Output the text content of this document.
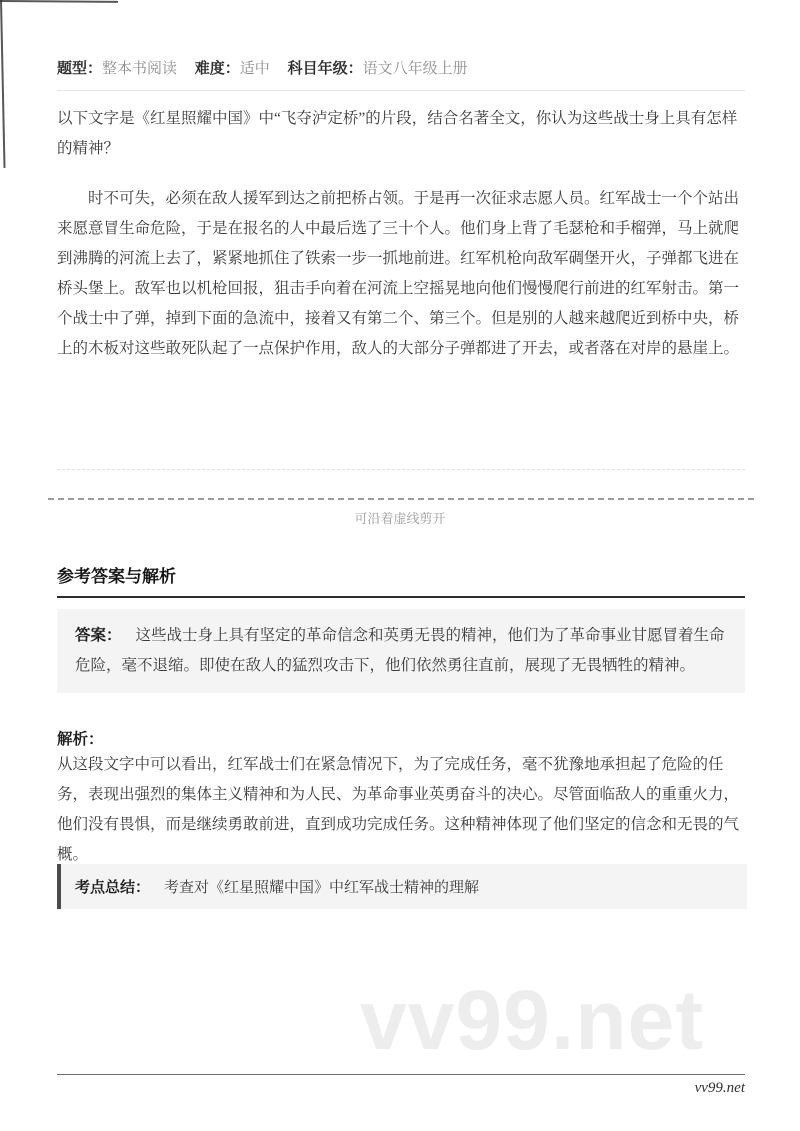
题型：整本书阅读 难度：适中 科目年级：语文八年级上册
以下文字是《红星照耀中国》中“飞夺泸定桥”的片段，结合名著全文，你认为这些战士身上具有怎样的精神？
时不可失，必须在敌人援军到达之前把桥占领。于是再一次征求志愿人员。红军战士一个个站出来愿意冒生命危险，于是在报名的人中最后选了三十个人。他们身上背了毛瑟枪和手榴弹，马上就爬到沸腾的河流上去了，紧紧地抓住了铁索一步一抓地前进。红军机枪向敌军碉堡开火，子弹都飞进在桥头堡上。敌军也以机枪回报，狙击手向着在河流上空摇晃地向他们慢慢爬行前进的红军射击。第一个战士中了弹，掉到下面的急流中，接着又有第二个、第三个。但是别的人越来越爬近到桥中央，桥上的木板对这些敢死队起了一点保护作用，敌人的大部分子弹都进了开去，或者落在对岸的悬崖上。
可沿着虚线剪开
参考答案与解析
答案： 这些战士身上具有坚定的革命信念和英勇无畏的精神，他们为了革命事业甘愿冒着生命危险，毫不退缩。即使在敌人的猛烈攻击下，他们依然勇往直前，展现了无畏牺牲的精神。
解析：
从这段文字中可以看出，红军战士们在紧急情况下，为了完成任务，毫不犹豫地承担起了危险的任务，表现出强烈的集体主义精神和为人民、为革命事业英勇奋斗的决心。尽管面临敌人的重重火力，他们没有畏惧，而是继续勇敢前进，直到成功完成任务。这种精神体现了他们坚定的信念和无畏的气概。
考点总结： 考查对《红星照耀中国》中红军战士精神的理解
vv99.net
vv99.net
